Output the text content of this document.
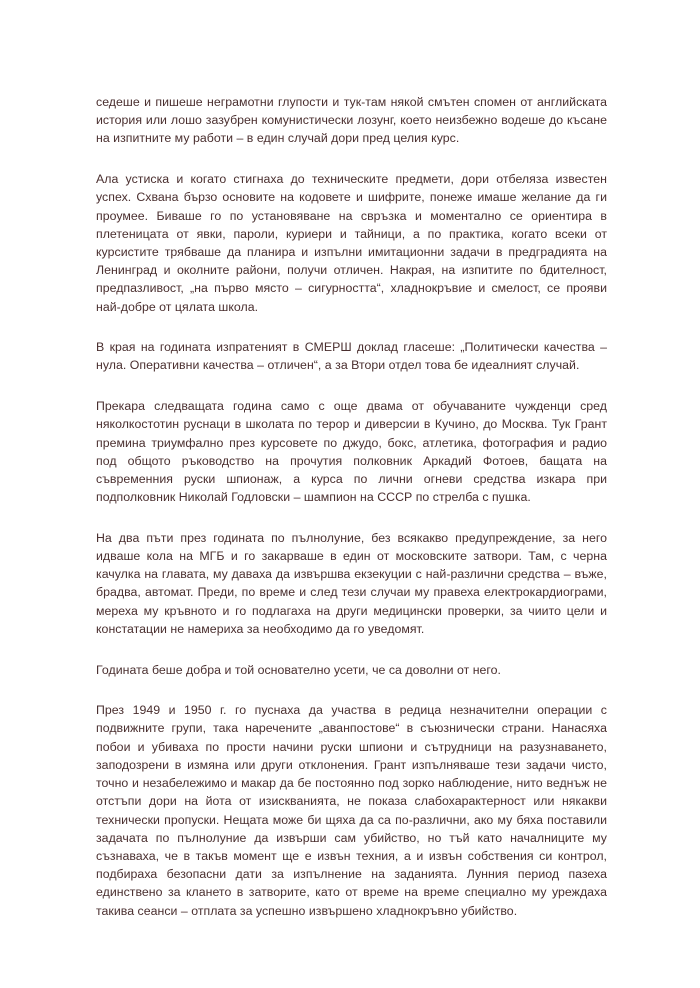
седеше и пишеше неграмотни глупости и тук-там някой смътен спомен от английската история или лошо зазубрен комунистически лозунг, което неизбежно водеше до късане на изпитните му работи – в един случай дори пред целия курс.

Ала устиска и когато стигнаха до техническите предмети, дори отбеляза известен успех. Схвана бързо основите на кодовете и шифрите, понеже имаше желание да ги проумее. Биваше го по установяване на свръзка и моментално се ориентира в плетеницата от явки, пароли, куриери и тайници, а по практика, когато всеки от курсистите трябваше да планира и изпълни имитационни задачи в предградията на Ленинград и околните райони, получи отличен. Накрая, на изпитите по бдителност, предпазливост, „на първо място – сигурността“, хладнокръвие и смелост, се прояви най-добре от цялата школа.

В края на годината изпратеният в СМЕРШ доклад гласеше: „Политически качества – нула. Оперативни качества – отличен“, а за Втори отдел това бе идеалният случай.

Прекара следващата година само с още двама от обучаваните чужденци сред няколкостотин руснаци в школата по терор и диверсии в Кучино, до Москва. Тук Грант премина триумфално през курсовете по джудо, бокс, атлетика, фотография и радио под общото ръководство на прочутия полковник Аркадий Фотоев, бащата на съвременния руски шпионаж, а курса по лични огневи средства изкара при подполковник Николай Годловски – шампион на СССР по стрелба с пушка.

На два пъти през годината по пълнолуние, без всякакво предупреждение, за него идваше кола на МГБ и го закарваше в един от московските затвори. Там, с черна качулка на главата, му даваха да извършва екзекуции с най-различни средства – въже, брадва, автомат. Преди, по време и след тези случаи му правеха електрокардиограми, мереха му кръвното и го подлагаха на други медицински проверки, за чиито цели и констатации не намериха за необходимо да го уведомят.

Годината беше добра и той основателно усети, че са доволни от него.

През 1949 и 1950 г. го пуснаха да участва в редица незначителни операции с подвижните групи, така наречените „аванпостове“ в съюзнически страни. Нанасяха побои и убиваха по прости начини руски шпиони и сътрудници на разузнаването, заподозрени в измяна или други отклонения. Грант изпълняваше тези задачи чисто, точно и незабележимо и макар да бе постоянно под зорко наблюдение, нито веднъж не отстъпи дори на йота от изискванията, не показа слабохарактерност или някакви технически пропуски. Нещата може би щяха да са по-различни, ако му бяха поставили задачата по пълнолуние да извърши сам убийство, но тъй като началниците му съзнаваха, че в такъв момент ще е извън техния, а и извън собствения си контрол, подбираха безопасни дати за изпълнение на заданията. Лунния период пазеха единствено за клането в затворите, като от време на време специално му уреждаха такива сеанси – отплата за успешно извършено хладнокръвно убийство.
